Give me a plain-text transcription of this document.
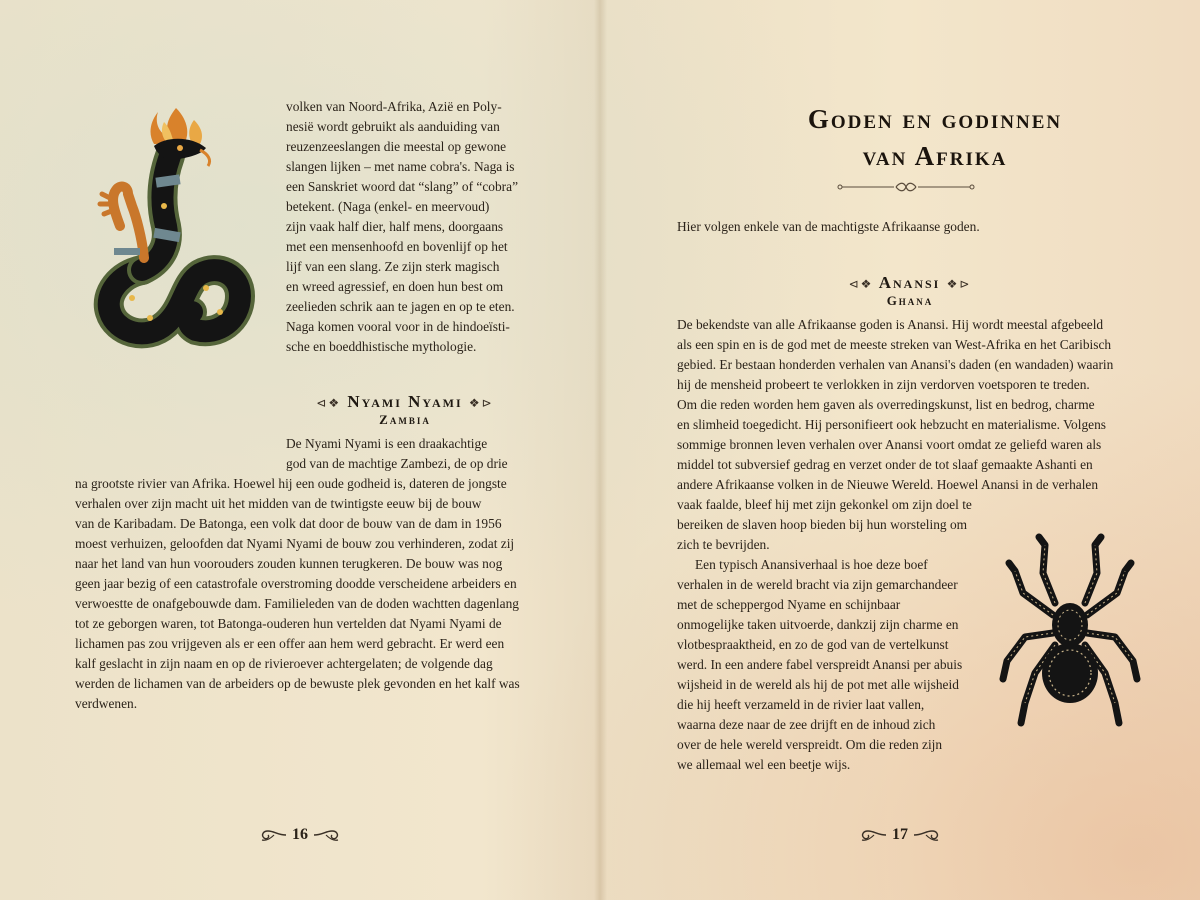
volken van Noord-Afrika, Azië en Poly-
nesië wordt gebruikt als aanduiding van
reuzenzeeslangen die meestal op gewone
slangen lijken – met name cobra's. Naga is
een Sanskriet woord dat “slang” of “cobra”
betekent. (Naga (enkel- en meervoud)
zijn vaak half dier, half mens, doorgaans
met een mensenhoofd en bovenlijf op het
lijf van een slang. Ze zijn sterk magisch
en wreed agressief, en doen hun best om
zeelieden schrik aan te jagen en op te eten.
Naga komen vooral voor in de hindoeïsti-
sche en boeddhistische mythologie.
⊲❖ Nyami Nyami ❖⊳
Zambia
De Nyami Nyami is een draakachtige
god van de machtige Zambezi, de op drie
na grootste rivier van Afrika. Hoewel hij een oude godheid is, dateren de jongste
verhalen over zijn macht uit het midden van de twintigste eeuw bij de bouw
van de Karibadam. De Batonga, een volk dat door de bouw van de dam in 1956
moest verhuizen, geloofden dat Nyami Nyami de bouw zou verhinderen, zodat zij
naar het land van hun voorouders zouden kunnen terugkeren. De bouw was nog
geen jaar bezig of een catastrofale overstroming doodde verscheidene arbeiders en
verwoestte de onafgebouwde dam. Familieleden van de doden wachtten dagenlang
tot ze geborgen waren, tot Batonga-ouderen hun vertelden dat Nyami Nyami de
lichamen pas zou vrijgeven als er een offer aan hem werd gebracht. Er werd een
kalf geslacht in zijn naam en op de rivieroever achtergelaten; de volgende dag
werden de lichamen van de arbeiders op de bewuste plek gevonden en het kalf was
verdwenen.
16
Goden en godinnen
van Afrika
Hier volgen enkele van de machtigste Afrikaanse goden.
⊲❖ Anansi ❖⊳
Ghana
De bekendste van alle Afrikaanse goden is Anansi. Hij wordt meestal afgebeeld
als een spin en is de god met de meeste streken van West-Afrika en het Caribisch
gebied. Er bestaan honderden verhalen van Anansi's daden (en wandaden) waarin
hij de mensheid probeert te verlokken in zijn verdorven voetsporen te treden.
Om die reden worden hem gaven als overredingskunst, list en bedrog, charme
en slimheid toegedicht. Hij personifieert ook hebzucht en materialisme. Volgens
sommige bronnen leven verhalen over Anansi voort omdat ze geliefd waren als
middel tot subversief gedrag en verzet onder de tot slaaf gemaakte Ashanti en
andere Afrikaanse volken in de Nieuwe Wereld. Hoewel Anansi in de verhalen
vaak faalde, bleef hij met zijn gekonkel om zijn doel te
bereiken de slaven hoop bieden bij hun worsteling om
zich te bevrijden.
Een typisch Anansiverhaal is hoe deze boef
verhalen in de wereld bracht via zijn gemarchandeer
met de scheppergod Nyame en schijnbaar
onmogelijke taken uitvoerde, dankzij zijn charme en
vlotbespraaktheid, en zo de god van de vertelkunst
werd. In een andere fabel verspreidt Anansi per abuis
wijsheid in de wereld als hij de pot met alle wijsheid
die hij heeft verzameld in de rivier laat vallen,
waarna deze naar de zee drijft en de inhoud zich
over de hele wereld verspreidt. Om die reden zijn
we allemaal wel een beetje wijs.
17
